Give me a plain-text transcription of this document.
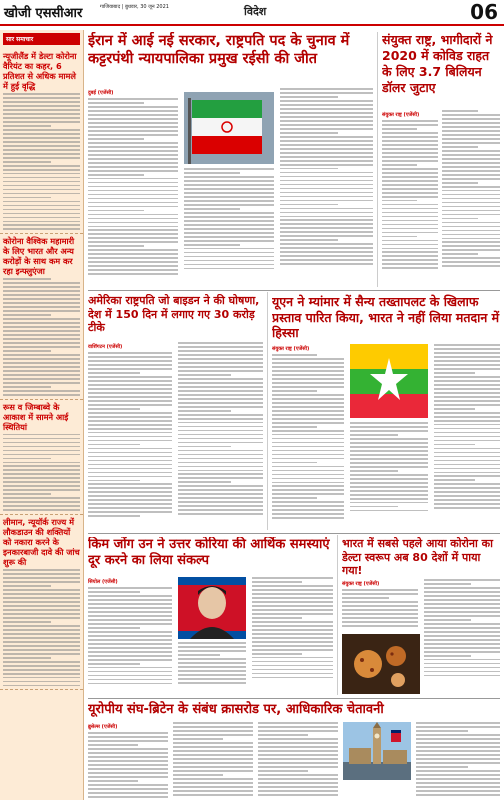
खोजी एससीआर	गाजियाबाद | बुधवार, 30 जून 2021	विदेश	06
सार समाचार
न्यूजीलैंड में डेल्टा कोरोना वैरियंट का कहर, 6 प्रतिशत से अधिक मामले में हुई वृद्धि
कोरोना वैश्विक महामारी के लिए भारत और अन्य करोड़ों के साथ कम कर रहा इन्फ्लुएंजा
रूस व जिम्बाब्वे के आकाश में सामने आई स्थितियां
लीमान, न्यूयॉर्क राज्य में लौकडाउन की शक्तियों को नकारा करने के इनकारबाजी दावे की जांच शुरू की
ईरान में आई नई सरकार, राष्ट्रपति पद के चुनाव में कट्टरपंथी न्यायपालिका प्रमुख रईसी की जीत
दुबई (एजेंसी)
संयुक्त राष्ट्र, भागीदारों ने 2020 में कोविड राहत के लिए 3.7 बिलियन डॉलर जुटाए
संयुक्त राष्ट्र (एजेंसी)
अमेरिका राष्ट्रपति जो बाइडन ने की घोषणा, देश में 150 दिन में लगाए गए 30 करोड़ टीके
वाशिंगटन (एजेंसी)
यूएन ने म्यांमार में सैन्य तख्तापलट के खिलाफ प्रस्ताव पारित किया, भारत ने नहीं लिया मतदान में हिस्सा
संयुक्त राष्ट्र (एजेंसी)
किम जोंग उन ने उत्तर कोरिया की आर्थिक समस्याएं दूर करने का लिया संकल्प
सियोल (एजेंसी)
भारत में सबसे पहले आया कोरोना का डेल्टा स्वरूप अब 80 देशों में पाया गया!
संयुक्त राष्ट्र (एजेंसी)
यूरोपीय संघ-ब्रिटेन के संबंध क्रासरोड पर, आधिकारिक चेतावनी
ब्रुसेल्स (एजेंसी)
